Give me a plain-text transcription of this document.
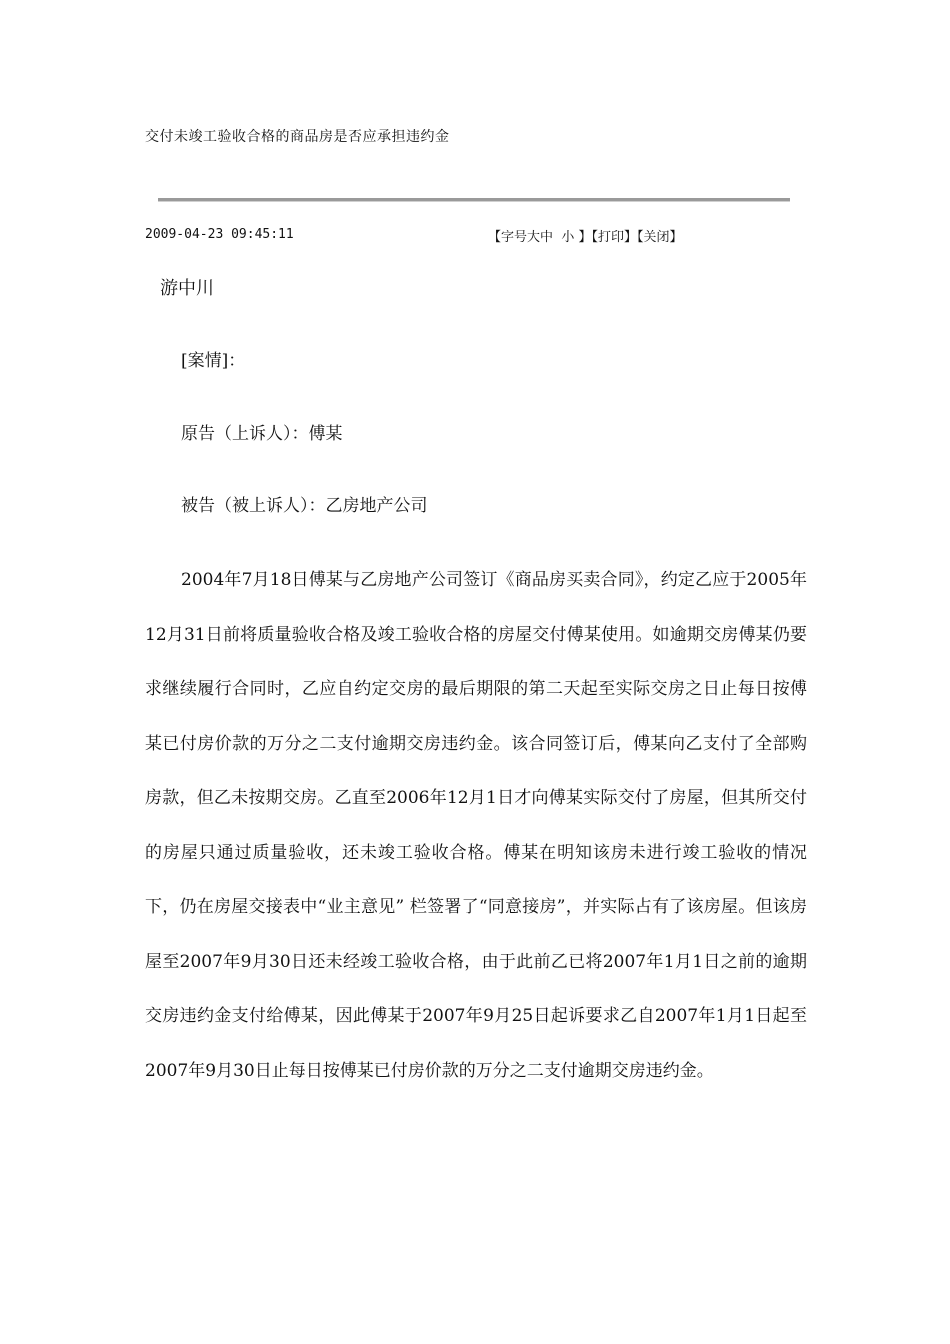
交付未竣工验收合格的商品房是否应承担违约金
2009-04-23 09:45:11	【字号大中 小 】【打印】【关闭】
游中川
[案情]：
原告（上诉人）：傅某
被告（被上诉人）：乙房地产公司

2004年7月18日傅某与乙房地产公司签订《商品房买卖合同》，约定乙应于2005年12月31日前将质量验收合格及竣工验收合格的房屋交付傅某使用。如逾期交房傅某仍要求继续履行合同时，乙应自约定交房的最后期限的第二天起至实际交房之日止每日按傅某已付房价款的万分之二支付逾期交房违约金。该合同签订后，傅某向乙支付了全部购房款，但乙未按期交房。乙直至2006年12月1日才向傅某实际交付了房屋，但其所交付的房屋只通过质量验收，还未竣工验收合格。傅某在明知该房未进行竣工验收的情况下，仍在房屋交接表中“业主意见” 栏签署了“同意接房”，并实际占有了该房屋。但该房屋至2007年9月30日还未经竣工验收合格，由于此前乙已将2007年1月1日之前的逾期交房违约金支付给傅某，因此傅某于2007年9月25日起诉要求乙自2007年1月1日起至2007年9月30日止每日按傅某已付房价款的万分之二支付逾期交房违约金。
